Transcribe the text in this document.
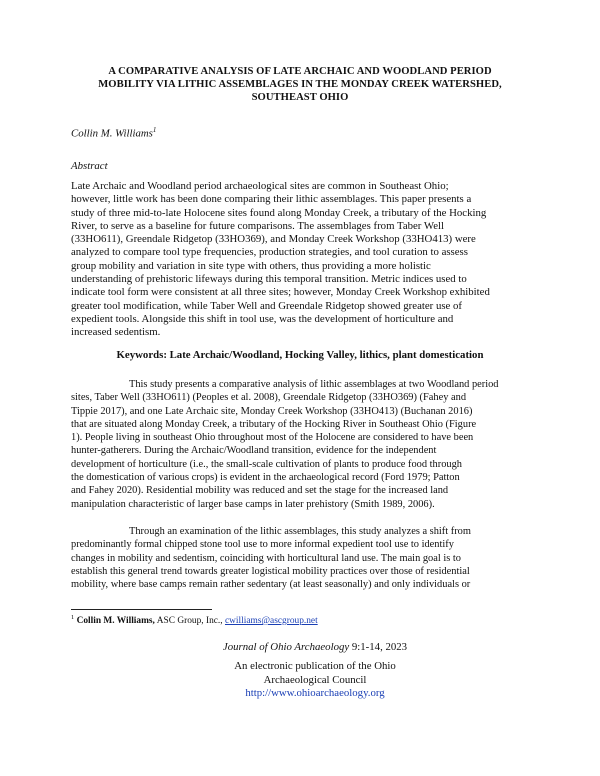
A COMPARATIVE ANALYSIS OF LATE ARCHAIC AND WOODLAND PERIOD
MOBILITY VIA LITHIC ASSEMBLAGES IN THE MONDAY CREEK WATERSHED,
SOUTHEAST OHIO
Collin M. Williams$^1$
Abstract
Late Archaic and Woodland period archaeological sites are common in Southeast Ohio;
however, little work has been done comparing their lithic assemblages. This paper presents a
study of three mid-to-late Holocene sites found along Monday Creek, a tributary of the Hocking
River, to serve as a baseline for future comparisons. The assemblages from Taber Well
(33HO611), Greendale Ridgetop (33HO369), and Monday Creek Workshop (33HO413) were
analyzed to compare tool type frequencies, production strategies, and tool curation to assess
group mobility and variation in site type with others, thus providing a more holistic
understanding of prehistoric lifeways during this temporal transition. Metric indices used to
indicate tool form were consistent at all three sites; however, Monday Creek Workshop exhibited
greater tool modification, while Taber Well and Greendale Ridgetop showed greater use of
expedient tools. Alongside this shift in tool use, was the development of horticulture and
increased sedentism.
Keywords: Late Archaic/Woodland, Hocking Valley, lithics, plant domestication
This study presents a comparative analysis of lithic assemblages at two Woodland period
sites, Taber Well (33HO611) (Peoples et al. 2008), Greendale Ridgetop (33HO369) (Fahey and
Tippie 2017), and one Late Archaic site, Monday Creek Workshop (33HO413) (Buchanan 2016)
that are situated along Monday Creek, a tributary of the Hocking River in Southeast Ohio (Figure
1). People living in southeast Ohio throughout most of the Holocene are considered to have been
hunter-gatherers. During the Archaic/Woodland transition, evidence for the independent
development of horticulture (i.e., the small-scale cultivation of plants to produce food through
the domestication of various crops) is evident in the archaeological record (Ford 1979; Patton
and Fahey 2020). Residential mobility was reduced and set the stage for the increased land
manipulation characteristic of larger base camps in later prehistory (Smith 1989, 2006).
Through an examination of the lithic assemblages, this study analyzes a shift from
predominantly formal chipped stone tool use to more informal expedient tool use to identify
changes in mobility and sedentism, coinciding with horticultural land use. The main goal is to
establish this general trend towards greater logistical mobility practices over those of residential
mobility, where base camps remain rather sedentary (at least seasonally) and only individuals or
$^1$ Collin M. Williams, ASC Group, Inc., cwilliams@ascgroup.net
Journal of Ohio Archaeology 9:1-14, 2023
An electronic publication of the Ohio
Archaeological Council
http://www.ohioarchaeology.org
